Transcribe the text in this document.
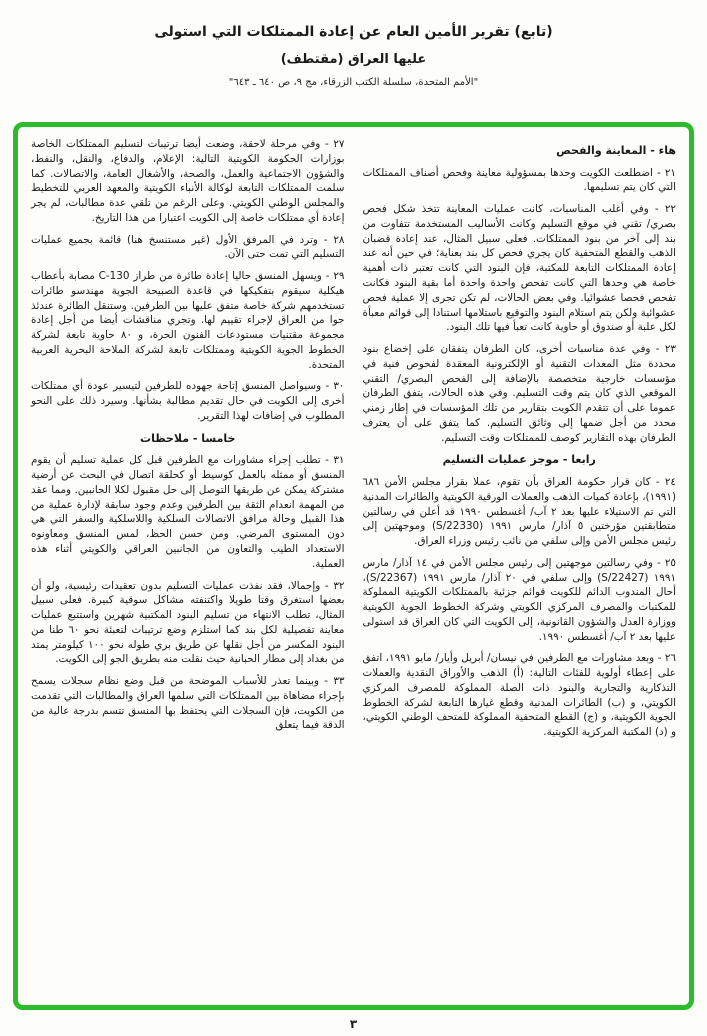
(تابع) تقرير الأمين العام عن إعادة الممتلكات التي استولى
عليها العراق (مقتطف)
"الأمم المتحدة، سلسلة الكتب الزرقاء، مج ٩، ص ٦٤٠ ـ ٦٤٣"
هاء - المعاينة والفحص

٢١ - اضطلعت الكويت وحدها بمسؤولية معاينة وفحص أصناف الممتلكات التي كان يتم تسليمها.

٢٢ - وفي أغلب المناسبات، كانت عمليات المعاينة تتخذ شكل فحص بصري/ تقني في موقع التسليم وكانت الأساليب المستخدمة تتفاوت من بند إلى آخر من بنود الممتلكات. فعلى سبيل المثال، عند إعادة قضبان الذهب والقطع المتحفية كان يجري فحص كل بند بعناية؛ في حين أنه عند إعادة الممتلكات التابعة للمكتبة، فإن البنود التي كانت تعتبر ذات أهمية خاصة هي وحدها التي كانت تفحص واحدة واحدة أما بقية البنود فكانت تفحص فحصا عشوائيا. وفي بعض الحالات، لم تكن تجرى إلا عملية فحص عشوائية ولكن يتم استلام البنود والتوقيع باستلامها استنادا إلى قوائم معبأة لكل علبة أو صندوق أو حاوية كانت تعبأ فيها تلك البنود.

٢٣ - وفي عدة مناسبات أخرى، كان الطرفان يتفقان على إخضاع بنود محددة مثل المعدات التقنية أو الإلكترونية المعقدة لفحوص فنية في مؤسسات خارجية متخصصة بالإضافة إلى الفحص البصري/ التقني الموقعي الذي كان يتم وقت التسليم. وفي هذه الحالات، يتفق الطرفان عموما على أن تتقدم الكويت بتقارير من تلك المؤسسات في إطار زمني محدد من أجل ضمها إلى وثائق التسليم. كما يتفق على أن يعترف الطرفان بهذه التقارير كوصف للممتلكات وقت التسليم.

رابعا - موجز عمليات التسليم

٢٤ - كان قرار حكومة العراق بأن تقوم، عملا بقرار مجلس الأمن ٦٨٦ (١٩٩١)، بإعادة كميات الذهب والعملات الورقية الكويتية والطائرات المدنية التي تم الاستيلاء عليها بعد ٢ آب/ أغسطس ١٩٩٠ قد أعلن في رسالتين متطابقتين مؤرختين ٥ آذار/ مارس ١٩٩١ (S/22330) وموجهتين إلى رئيس مجلس الأمن وإلى سلفي من نائب رئيس وزراء العراق.

٢٥ - وفي رسالتين موجهتين إلى رئيس مجلس الأمن في ١٤ آذار/ مارس ١٩٩١ (S/22427) وإلى سلفي في ٢٠ آذار/ مارس ١٩٩١ (S/22367)، أحال المندوب الدائم للكويت قوائم جزئية بالممتلكات الكويتية المملوكة للمكتبات والمصرف المركزي الكويتي وشركة الخطوط الجوية الكويتية ووزارة العدل والشؤون القانونية، إلى الكويت التي كان العراق قد استولى عليها بعد ٢ آب/ أغسطس ١٩٩٠.

٢٦ - وبعد مشاورات مع الطرفين في نيسان/ أبريل وأيار/ مايو ١٩٩١، اتفق على إعطاء أولوية للفئات التالية: (أ) الذهب والأوراق النقدية والعملات التذكارية والتجارية والبنود ذات الصلة المملوكة للمصرف المركزي الكويتي، و (ب) الطائرات المدنية وقطع غيارها التابعة لشركة الخطوط الجوية الكويتية، و (ج) القطع المتحفية المملوكة للمتحف الوطني الكويتي، و (د) المكتبة المركزية الكويتية.

٢٧ - وفي مرحلة لاحقة، وضعت أيضا ترتيبات لتسليم الممتلكات الخاصة بوزارات الحكومة الكويتية التالية: الإعلام، والدفاع، والنقل، والنفط، والشؤون الاجتماعية والعمل، والصحة، والأشغال العامة، والاتصالات. كما سلمت الممتلكات التابعة لوكالة الأنباء الكويتية والمعهد العربي للتخطيط والمجلس الوطني الكويتي. وعلى الرغم من تلقي عدة مطالبات، لم يجر إعادة أي ممتلكات خاصة إلى الكويت اعتبارا من هذا التاريخ.

٢٨ - وترد في المرفق الأول (غير مستنسخ هنا) قائمة بجميع عمليات التسليم التي تمت حتى الآن.

٢٩ - ويسهل المنسق حاليا إعادة طائرة من طراز C-130 مصابة بأعطاب هيكلية سيقوم بتفكيكها في قاعدة الصبيحة الجوية مهندسو طائرات تستخدمهم شركة خاصة متفق عليها بين الطرفين. وستنقل الطائرة عندئذ جوا من العراق لإجراء تقييم لها. وتجري مناقشات أيضا من أجل إعادة مجموعة مقتنيات مستودعات الفنون الحرة، و ٨٠ حاوية تابعة لشركة الخطوط الجوية الكويتية وممتلكات تابعة لشركة الملاحة البحرية العربية المتحدة.

٣٠ - وسيواصل المنسق إتاحة جهوده للطرفين لتيسير عودة أي ممتلكات أخرى إلى الكويت في حال تقديم مطالبة بشأنها. وسيرد ذلك على النحو المطلوب في إضافات لهذا التقرير.

خامسا - ملاحظات

٣١ - تطلب إجراء مشاورات مع الطرفين قبل كل عملية تسليم أن يقوم المنسق أو ممثله بالعمل كوسيط أو كحلقة اتصال في البحث عن أرضية مشتركة يمكن عن طريقها التوصل إلى حل مقبول لكلا الجانبين. ومما عقد من المهمة انعدام الثقة بين الطرفين وعدم وجود سابقة لإدارة عملية من هذا القبيل وحالة مرافق الاتصالات السلكية واللاسلكية والسفر التي هي دون المستوى المرضي. ومن حسن الحظ، لمس المنسق ومعاونوه الاستعداد الطيب والتعاون من الجانبين العراقي والكويتي أثناء هذه العملية.

٣٢ - وإجمالا، فقد نفذت عمليات التسليم بدون تعقيدات رئيسية، ولو أن بعضها استغرق وقتا طويلا واكتنفته مشاكل سوقية كبيرة. فعلى سبيل المثال، تطلب الانتهاء من تسليم البنود المكتبية شهرين واستتبع عمليات معاينة تفصيلية لكل بند كما استلزم وضع ترتيبات لتعبئة نحو ٦٠ طنا من البنود المكسر من أجل نقلها عن طريق بري طوله نحو ١٠٠ كيلومتر يمتد من بغداد إلى مطار الحبانية حيث نقلت منه بطريق الجو إلى الكويت.

٣٣ - وبينما تعذر للأسباب الموضحة من قبل وضع نظام سجلات يسمح بإجراء مضاهاة بين الممتلكات التي سلمها العراق والمطالبات التي تقدمت من الكويت، فإن السجلات التي يحتفظ بها المنسق تتسم بدرجة عالية من الدقة فيما يتعلق

٣
